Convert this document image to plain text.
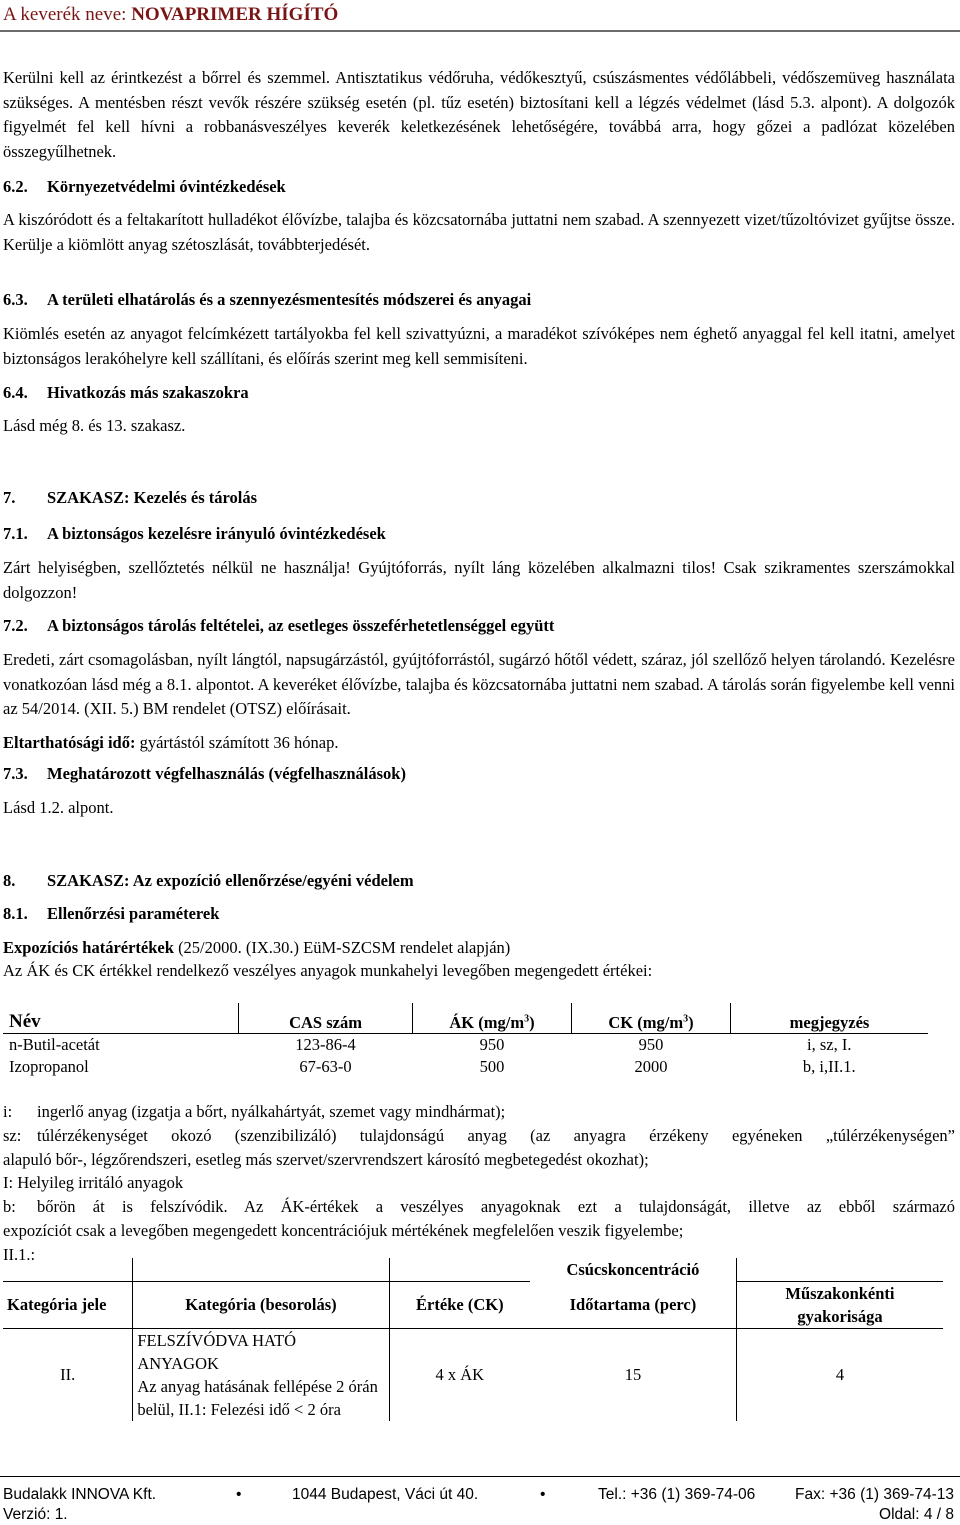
A keverék neve: NOVAPRIMER HÍGÍTÓ

Kerülni kell az érintkezést a bőrrel és szemmel. Antisztatikus védőruha, védőkesztyű, csúszásmentes védőlábbeli, védőszemüveg használata szükséges. A mentésben részt vevők részére szükség esetén (pl. tűz esetén) biztosítani kell a légzés védelmet (lásd 5.3. alpont). A dolgozók figyelmét fel kell hívni a robbanásveszélyes keverék keletkezésének lehetőségére, továbbá arra, hogy gőzei a padlózat közelében összegyűlhetnek.

6.2. Környezetvédelmi óvintézkedések

A kiszóródott és a feltakarított hulladékot élővízbe, talajba és közcsatornába juttatni nem szabad. A szennyezett vizet/tűzoltóvizet gyűjtse össze. Kerülje a kiömlött anyag szétoszlását, továbbterjedését.

6.3. A területi elhatárolás és a szennyezésmentesítés módszerei és anyagai

Kiömlés esetén az anyagot felcímkézett tartályokba fel kell szivattyúzni, a maradékot szívóképes nem éghető anyaggal fel kell itatni, amelyet biztonságos lerakóhelyre kell szállítani, és előírás szerint meg kell semmisíteni.

6.4. Hivatkozás más szakaszokra

Lásd még 8. és 13. szakasz.

7. SZAKASZ: Kezelés és tárolás
7.1. A biztonságos kezelésre irányuló óvintézkedések

Zárt helyiségben, szellőztetés nélkül ne használja! Gyújtóforrás, nyílt láng közelében alkalmazni tilos! Csak szikramentes szerszámokkal dolgozzon!

7.2. A biztonságos tárolás feltételei, az esetleges összeférhetetlenséggel együtt

Eredeti, zárt csomagolásban, nyílt lángtól, napsugárzástól, gyújtóforrástól, sugárzó hőtől védett, száraz, jól szellőző helyen tárolandó. Kezelésre vonatkozóan lásd még a 8.1. alpontot. A keveréket élővízbe, talajba és közcsatornába juttatni nem szabad. A tárolás során figyelembe kell venni az 54/2014. (XII. 5.) BM rendelet (OTSZ) előírásait.

Eltarthatósági idő: gyártástól számított 36 hónap.

7.3. Meghatározott végfelhasználás (végfelhasználások)

Lásd 1.2. alpont.

8. SZAKASZ: Az expozíció ellenőrzése/egyéni védelem
8.1. Ellenőrzési paraméterek

Expozíciós határértékek (25/2000. (IX.30.) EüM-SZCSM rendelet alapján)

Az ÁK és CK értékkel rendelkező veszélyes anyagok munkahelyi levegőben megengedett értékei:

Név	CAS szám	ÁK $(mg/m^3)$	CK $(mg/m^3)$	megjegyzés
n-Butil-acetát	123-86-4	950	950	i, sz, I.
Izopropanol	67-63-0	500	2000	b, i,II.1.
i: ingerlő anyag (izgatja a bőrt, nyálkahártyát, szemet vagy mindhármat);
sz: túlérzékenységet okozó (szenzibilizáló) tulajdonságú anyag (az anyagra érzékeny egyéneken „túlérzékenységen”
alapuló bőr-, légzőrendszeri, esetleg más szervet/szervrendszert károsító megbetegedést okozhat);
I: Helyileg irritáló anyagok
b: bőrön át is felszívódik. Az ÁK-értékek a veszélyes anyagoknak ezt a tulajdonságát, illetve az ebből származó
expozíciót csak a levegőben megengedett koncentrációjuk mértékének megfelelően veszik figyelembe;
II.1.:
			Csúcskoncentráció	
Kategória jele	Kategória (besorolás)	Értéke (CK)	Időtartama (perc)	Műszakonkénti gyakorisága
II.	FELSZÍVÓDVA HATÓ
ANYAGOK
Az anyag hatásának fellépése 2 órán
belül, II.1: Felezési idő < 2 óra	4 x ÁK	15	4
Budalakk INNOVA Kft.	•	1044 Budapest, Váci út 40.	•	Tel.: +36 (1) 369-74-06	Fax: +36 (1) 369-74-13
Verzió: 1.	Oldal: 4 / 8
